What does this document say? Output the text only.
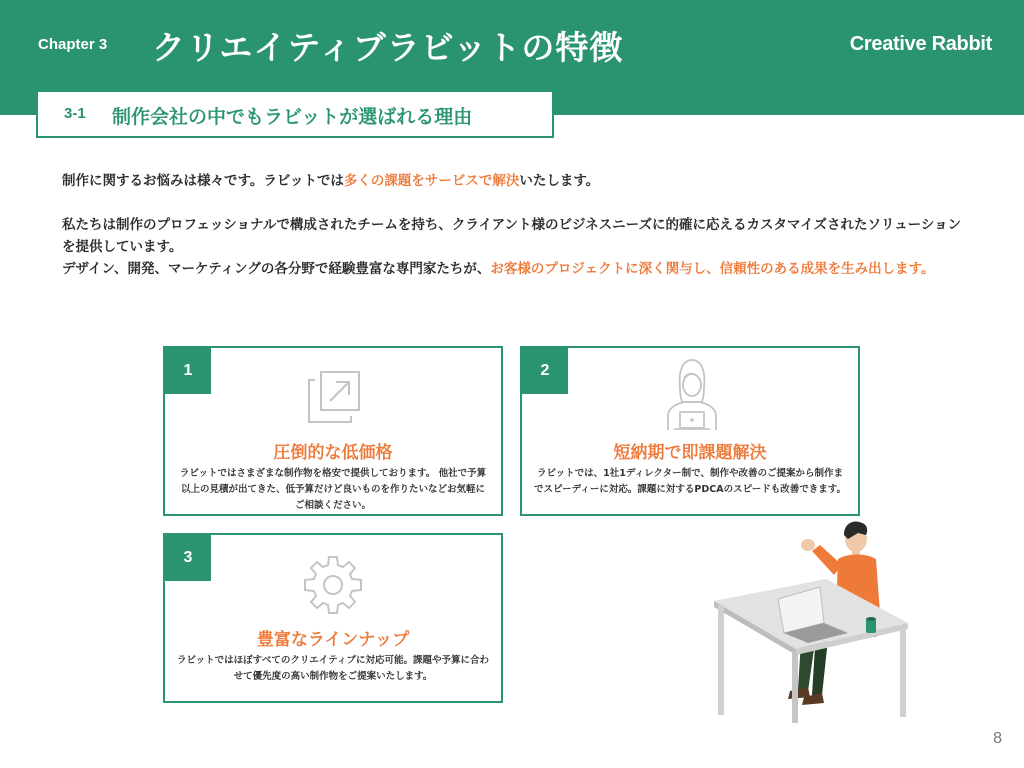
Chapter 3 クリエイティブラビットの特徴	Creative Rabbit
3-1 制作会社の中でもラビットが選ばれる理由
制作に関するお悩みは様々です。ラビットでは多くの課題をサービスで解決いたします。
私たちは制作のプロフェッショナルで構成されたチームを持ち、クライアント様のビジネスニーズに的確に応えるカスタマイズされたソリューションを提供しています。
デザイン、開発、マーケティングの各分野で経験豊富な専門家たちが、お客様のプロジェクトに深く関与し、信頼性のある成果を生み出します。
1
圧倒的な低価格
ラビットではさまざまな制作物を格安で提供しております。 他社で予算以上の見積が出てきた、低予算だけど良いものを作りたいなどお気軽にご相談ください。
2
短納期で即課題解決
ラビットでは、1社1ディレクター制で、制作や改善のご提案から制作までスピーディーに対応。課題に対するPDCAのスピードも改善できます。
3
豊富なラインナップ
ラビットではほぼすべてのクリエイティブに対応可能。課題や予算に合わせて優先度の高い制作物をご提案いたします。
8
